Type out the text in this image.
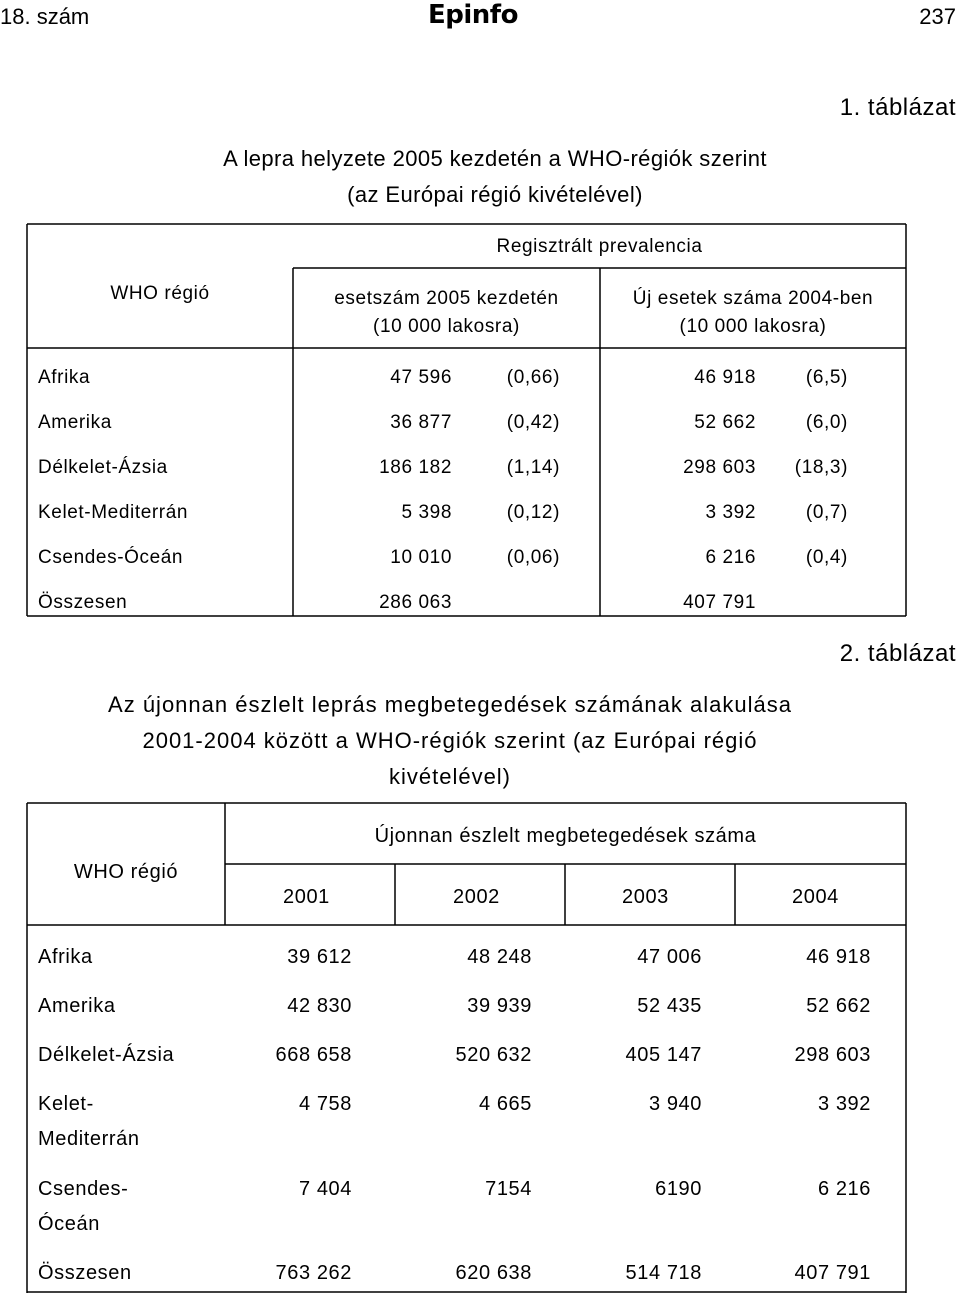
18. szám	Epinfo	237
1. táblázat
A lepra helyzete 2005 kezdetén a WHO-régiók szerint
(az Európai régió kivételével)
WHO régió
Regisztrált prevalencia
esetszám 2005 kezdetén
(10 000 lakosra)
Új esetek száma 2004-ben
(10 000 lakosra)
Afrika	47 596	(0,66)	46 918	(6,5)
Amerika	36 877	(0,42)	52 662	(6,0)
Délkelet-Ázsia	186 182	(1,14)	298 603	(18,3)
Kelet-Mediterrán	5 398	(0,12)	3 392	(0,7)
Csendes-Óceán	10 010	(0,06)	6 216	(0,4)
Összesen	286 063	407 791
2. táblázat
Az újonnan észlelt leprás megbetegedések számának alakulása
2001-2004 között a WHO-régiók szerint (az Európai régió
kivételével)
WHO régió
Újonnan észlelt megbetegedések száma
2001	2002	2003	2004
Afrika	39 612	48 248	47 006	46 918
Amerika	42 830	39 939	52 435	52 662
Délkelet-Ázsia	668 658	520 632	405 147	298 603
Kelet-
Mediterrán
4 758	4 665	3 940	3 392
Csendes-
Óceán
7 404	7154	6190	6 216
Összesen	763 262	620 638	514 718	407 791
